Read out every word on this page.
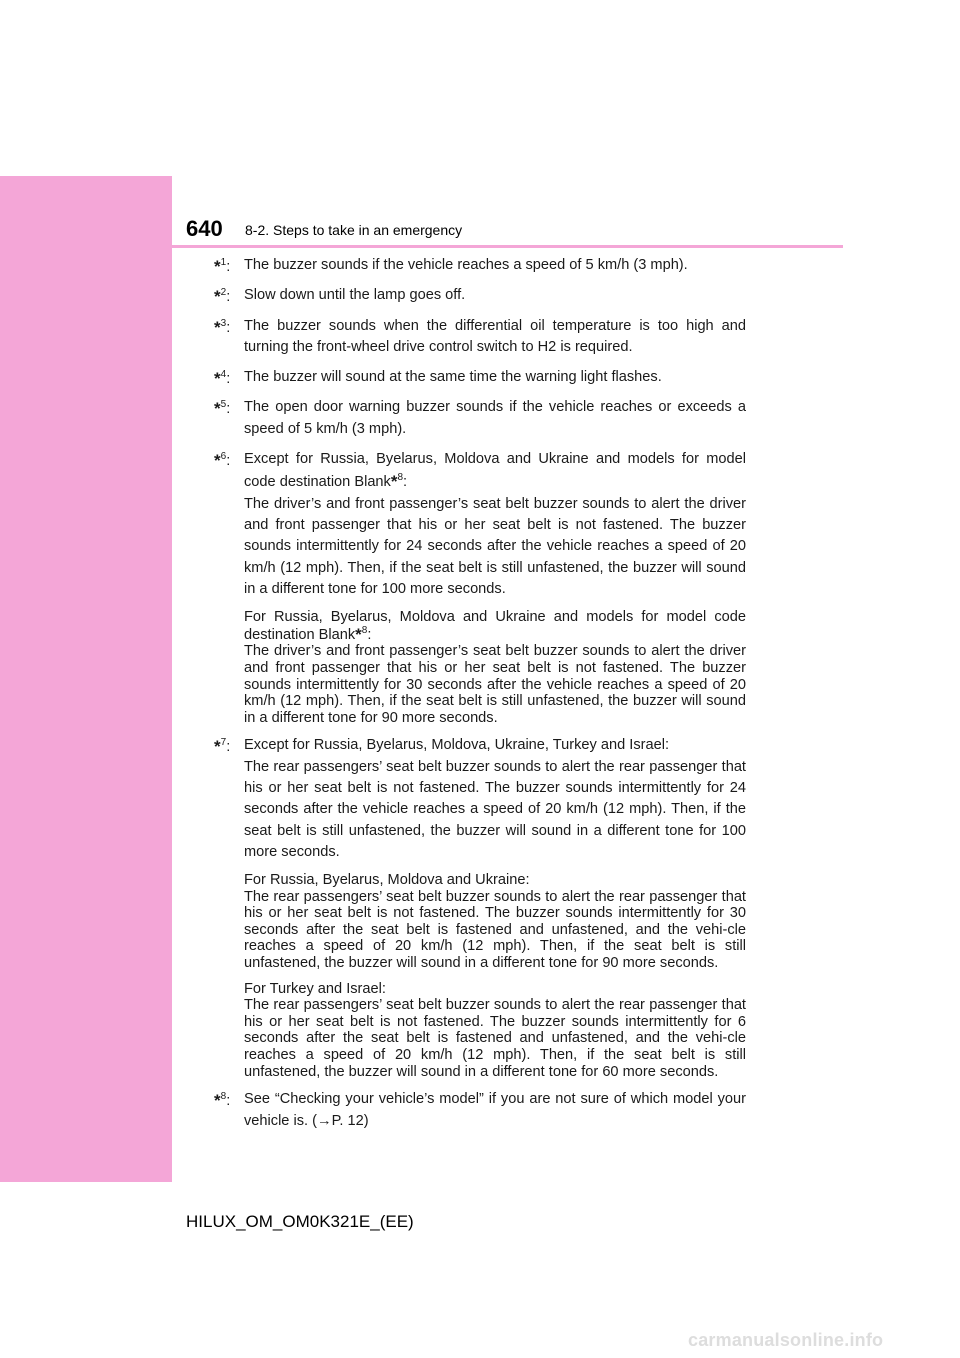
640 8-2. Steps to take in an emergency
*$^1$: The buzzer sounds if the vehicle reaches a speed of 5 km/h (3 mph).
*$^2$: Slow down until the lamp goes off.
*$^3$: The buzzer sounds when the differential oil temperature is too high and turning the front-wheel drive control switch to H2 is required.
*$^4$: The buzzer will sound at the same time the warning light flashes.
*$^5$: The open door warning buzzer sounds if the vehicle reaches or exceeds a speed of 5 km/h (3 mph).
*$^6$: Except for Russia, Byelarus, Moldova and Ukraine and models for model code destination Blank*$^8$:
The driver’s and front passenger’s seat belt buzzer sounds to alert the driver and front passenger that his or her seat belt is not fastened. The buzzer sounds intermittently for 24 seconds after the vehicle reaches a speed of 20 km/h (12 mph). Then, if the seat belt is still unfastened, the buzzer will sound in a different tone for 100 more seconds.
For Russia, Byelarus, Moldova and Ukraine and models for model code destination Blank*$^8$:
The driver’s and front passenger’s seat belt buzzer sounds to alert the driver and front passenger that his or her seat belt is not fastened. The buzzer sounds intermittently for 30 seconds after the vehicle reaches a speed of 20 km/h (12 mph). Then, if the seat belt is still unfastened, the buzzer will sound in a different tone for 90 more seconds.
*$^7$: Except for Russia, Byelarus, Moldova, Ukraine, Turkey and Israel:
The rear passengers’ seat belt buzzer sounds to alert the rear passenger that his or her seat belt is not fastened. The buzzer sounds intermittently for 24 seconds after the vehicle reaches a speed of 20 km/h (12 mph). Then, if the seat belt is still unfastened, the buzzer will sound in a different tone for 100 more seconds.
For Russia, Byelarus, Moldova and Ukraine:
The rear passengers’ seat belt buzzer sounds to alert the rear passenger that his or her seat belt is not fastened. The buzzer sounds intermittently for 30 seconds after the seat belt is fastened and unfastened, and the vehi-cle reaches a speed of 20 km/h (12 mph). Then, if the seat belt is still unfastened, the buzzer will sound in a different tone for 90 more seconds.
For Turkey and Israel:
The rear passengers’ seat belt buzzer sounds to alert the rear passenger that his or her seat belt is not fastened. The buzzer sounds intermittently for 6 seconds after the seat belt is fastened and unfastened, and the vehi-cle reaches a speed of 20 km/h (12 mph). Then, if the seat belt is still unfastened, the buzzer will sound in a different tone for 60 more seconds.
*$^8$: See “Checking your vehicle’s model” if you are not sure of which model your vehicle is. (→P. 12)
HILUX_OM_OM0K321E_(EE)
carmanualsonline.info
